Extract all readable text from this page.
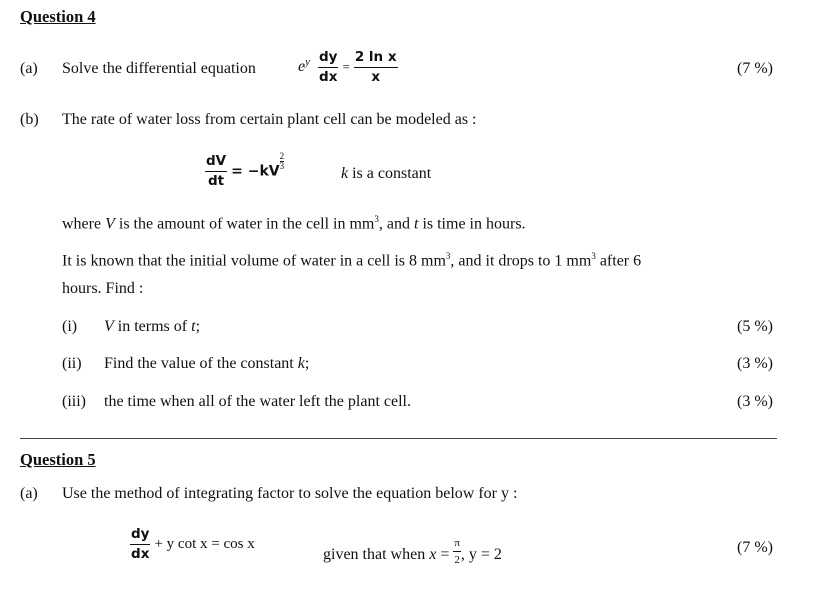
Question 4
(a) Solve the differential equation	$e^y \frac{dy}{dx} = \frac{\text{2 ln x}}{x}$	(7 %)
(b) The rate of water loss from certain plant cell can be modeled as :
$\frac{dV}{dt} = -kV$
$\frac{2}{3}$
k is a constant
where V is the amount of water in the cell in $mm^3$, and t is time in hours.
It is known that the initial volume of water in a cell is 8 $mm^3$, and it drops to 1 $mm^3$ after 6
hours. Find :
(i) V in terms of t;	(5 %)
(ii) Find the value of the constant k;	(3 %)
(iii) the time when all of the water left the plant cell.	(3 %)
Question 5
(a) Use the method of integrating factor to solve the equation below for y :
$\frac{dy}{dx} + y$ cot x = cos x
given that when $x = \frac{\pi}{2}$ , y = 2	(7 %)
